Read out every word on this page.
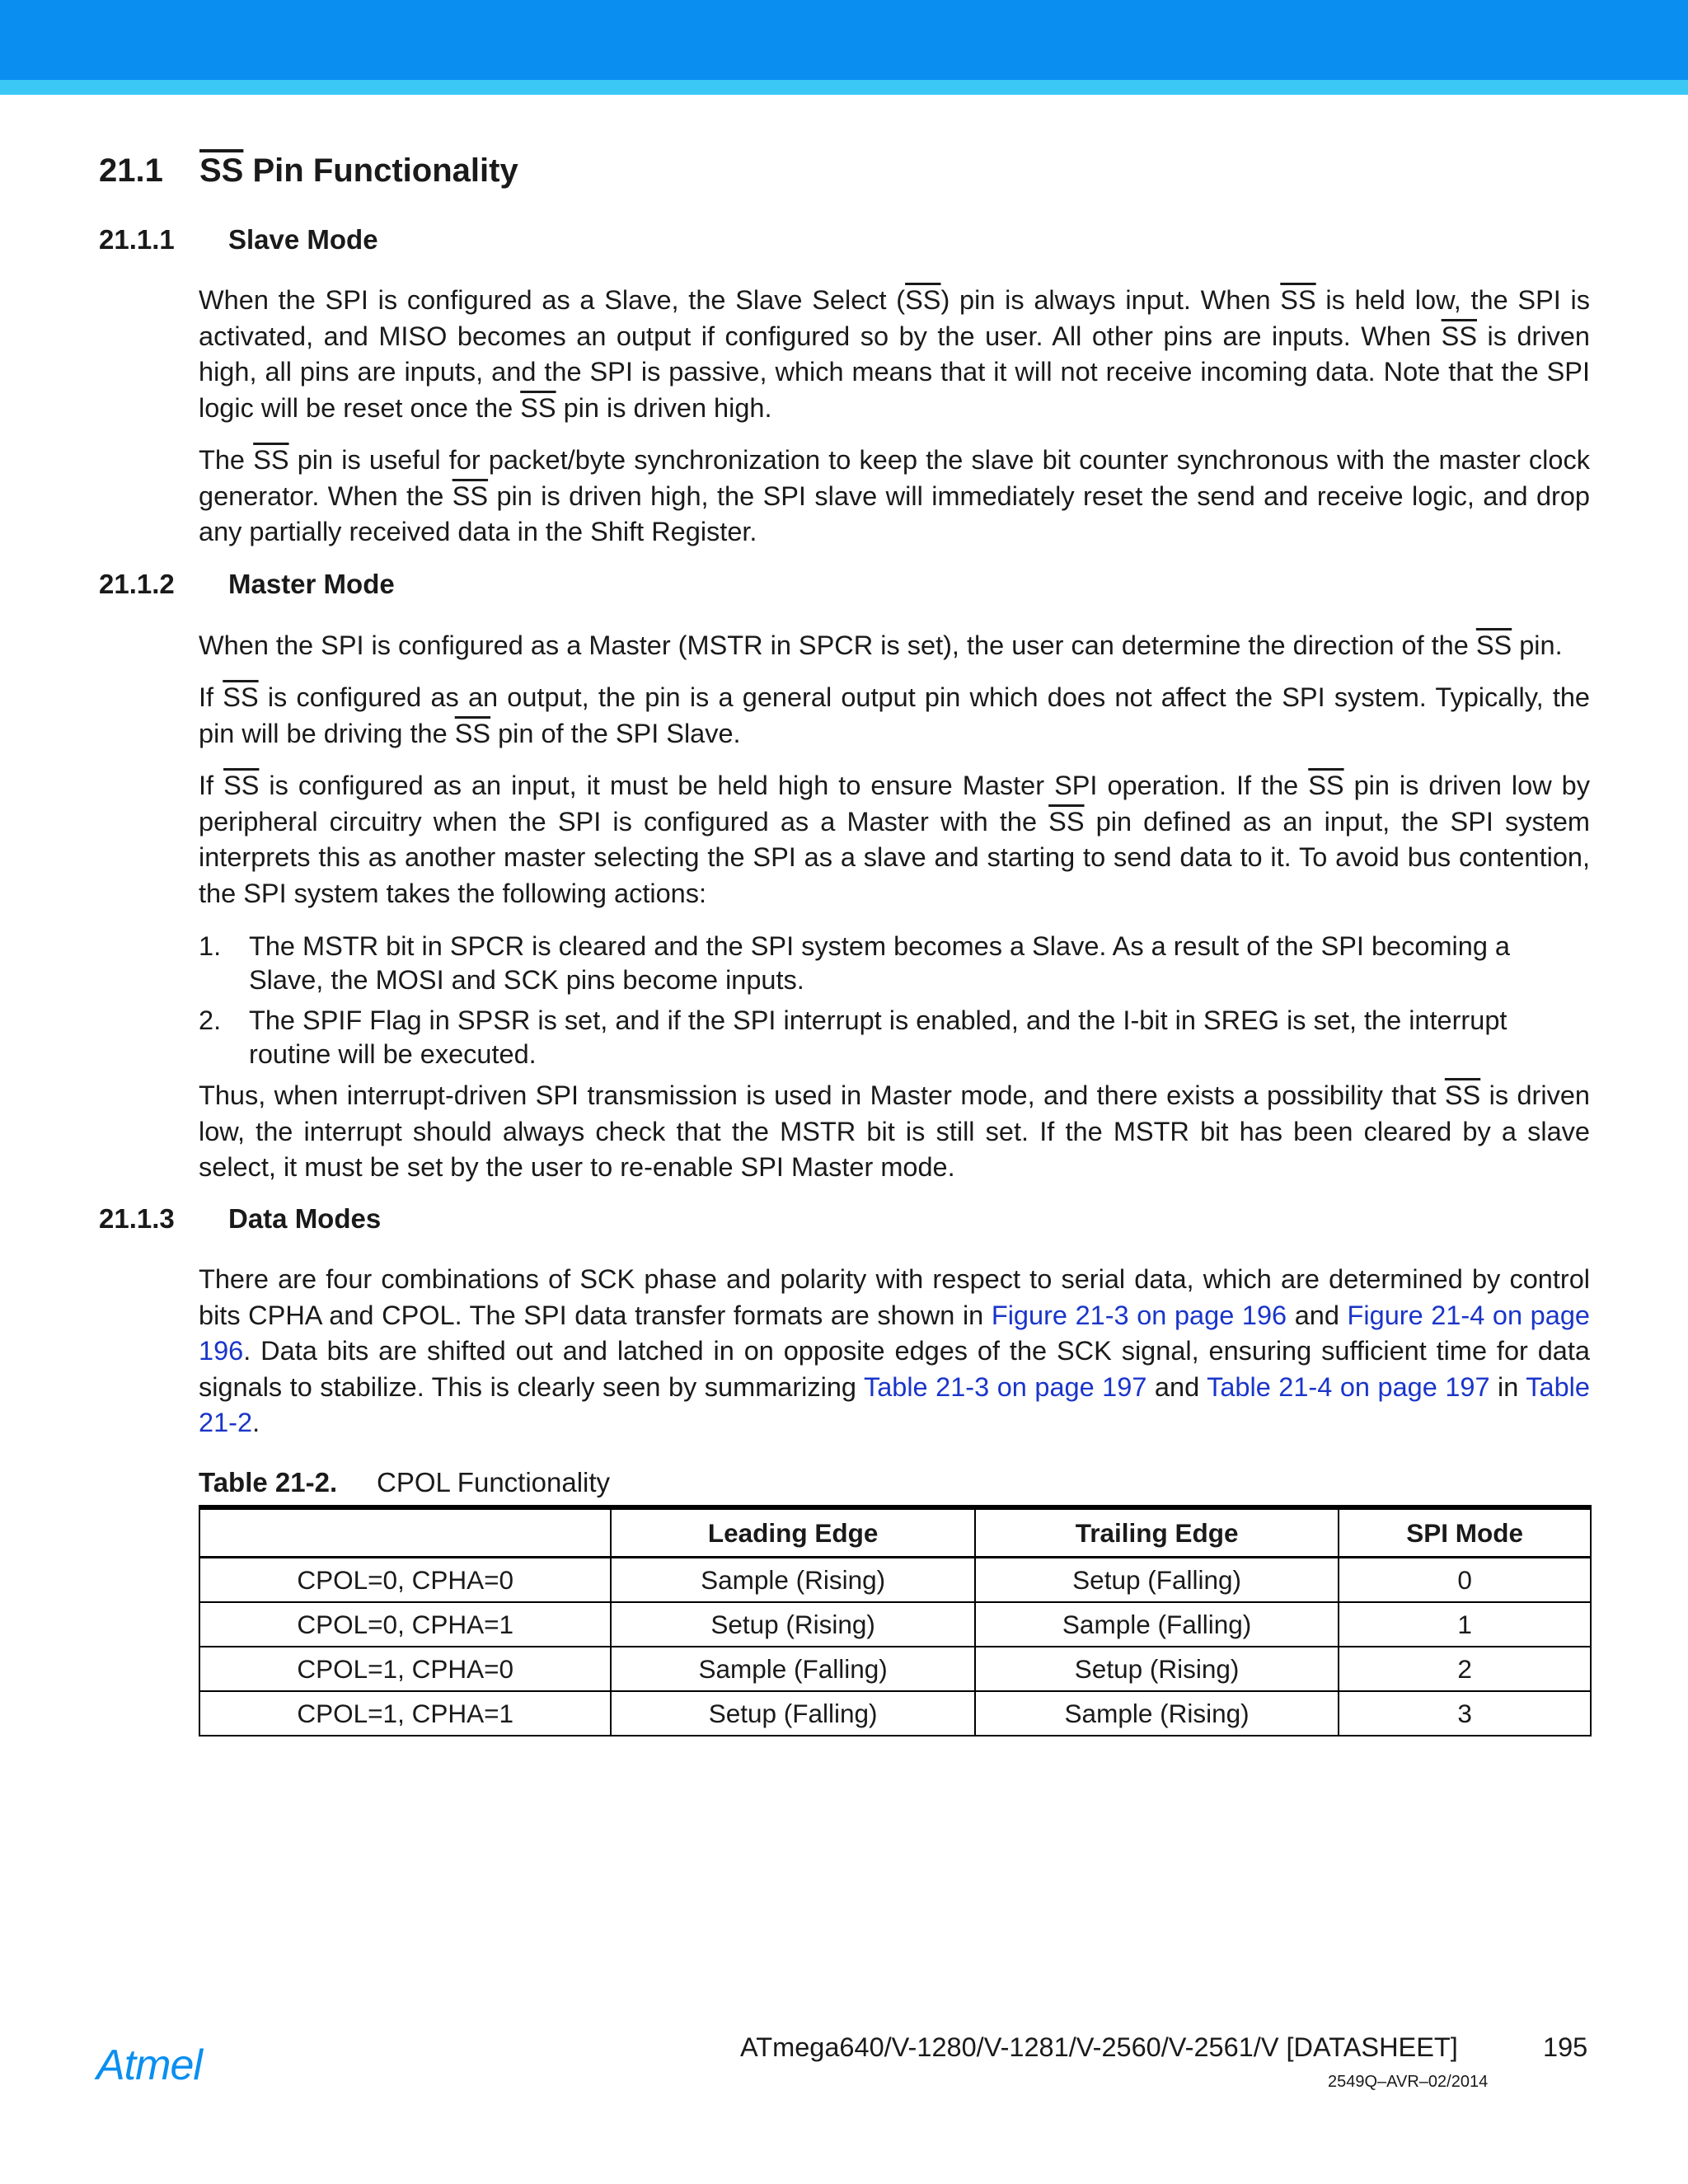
21.1 $\overline{SS}$ Pin Functionality
21.1.1 Slave Mode
When the SPI is configured as a Slave, the Slave Select $(\overline{SS})$ pin is always input. When $\overline{SS}$ is held low, the SPI is activated, and MISO becomes an output if configured so by the user. All other pins are inputs. When $\overline{SS}$ is driven high, all pins are inputs, and the SPI is passive, which means that it will not receive incoming data. Note that the SPI logic will be reset once the $\overline{SS}$ pin is driven high.
The $\overline{SS}$ pin is useful for packet/byte synchronization to keep the slave bit counter synchronous with the master clock generator. When the $\overline{SS}$ pin is driven high, the SPI slave will immediately reset the send and receive logic, and drop any partially received data in the Shift Register.
21.1.2 Master Mode
When the SPI is configured as a Master (MSTR in SPCR is set), the user can determine the direction of the $\overline{SS}$ pin.
If $\overline{SS}$ is configured as an output, the pin is a general output pin which does not affect the SPI system. Typically, the pin will be driving the $\overline{SS}$ pin of the SPI Slave.
If $\overline{SS}$ is configured as an input, it must be held high to ensure Master SPI operation. If the $\overline{SS}$ pin is driven low by peripheral circuitry when the SPI is configured as a Master with the $\overline{SS}$ pin defined as an input, the SPI system interprets this as another master selecting the SPI as a slave and starting to send data to it. To avoid bus contention, the SPI system takes the following actions:
1. The MSTR bit in SPCR is cleared and the SPI system becomes a Slave. As a result of the SPI becoming a Slave, the MOSI and SCK pins become inputs.
2. The SPIF Flag in SPSR is set, and if the SPI interrupt is enabled, and the I-bit in SREG is set, the interrupt routine will be executed.
Thus, when interrupt-driven SPI transmission is used in Master mode, and there exists a possibility that $\overline{SS}$ is driven low, the interrupt should always check that the MSTR bit is still set. If the MSTR bit has been cleared by a slave select, it must be set by the user to re-enable SPI Master mode.
21.1.3 Data Modes
There are four combinations of SCK phase and polarity with respect to serial data, which are determined by control bits CPHA and CPOL. The SPI data transfer formats are shown in Figure 21-3 on page 196 and Figure 21-4 on page 196. Data bits are shifted out and latched in on opposite edges of the SCK signal, ensuring sufficient time for data signals to stabilize. This is clearly seen by summarizing Table 21-3 on page 197 and Table 21-4 on page 197 in Table 21-2.
Table 21-2. CPOL Functionality
	Leading Edge	Trailing Edge	SPI Mode
CPOL=0, CPHA=0	Sample (Rising)	Setup (Falling)	0
CPOL=0, CPHA=1	Setup (Rising)	Sample (Falling)	1
CPOL=1, CPHA=0	Sample (Falling)	Setup (Rising)	2
CPOL=1, CPHA=1	Setup (Falling)	Sample (Rising)	3
Atmel	ATmega640/V-1280/V-1281/V-2560/V-2561/V [DATASHEET]	195
2549Q–AVR–02/2014
